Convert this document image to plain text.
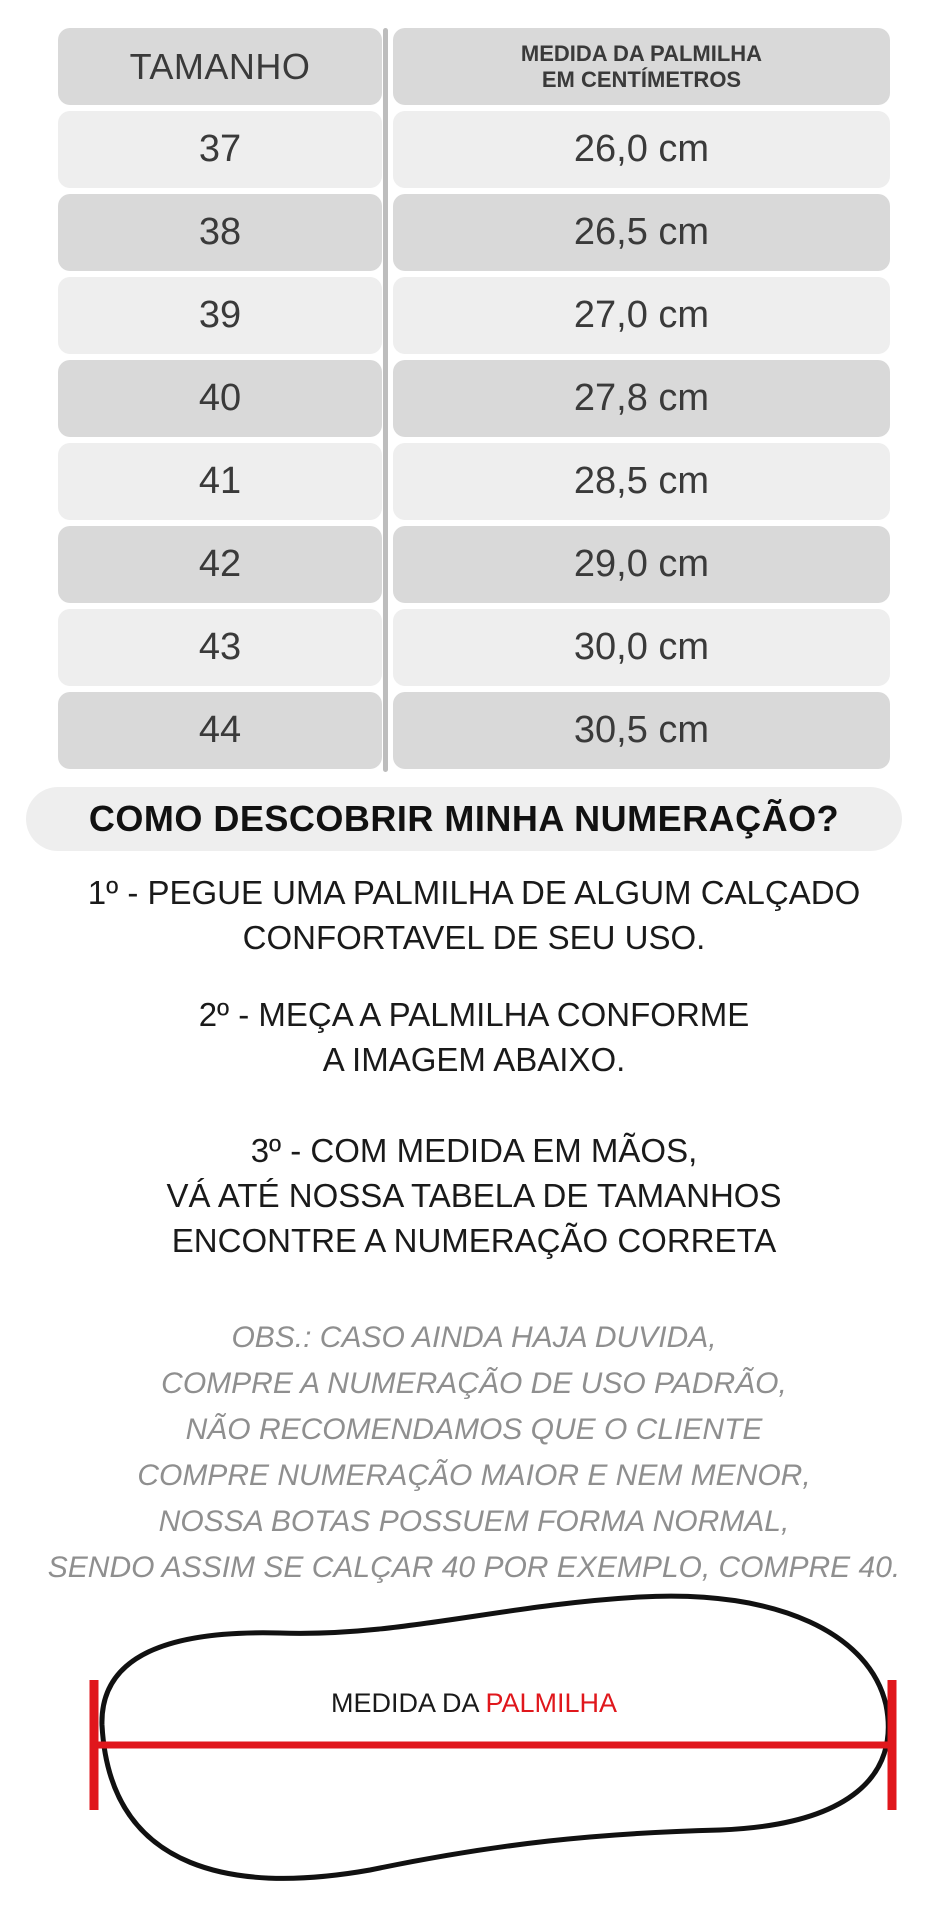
TAMANHO	MEDIDA DA PALMILHA
EM CENTÍMETROS
37	26,0 cm
38	26,5 cm
39	27,0 cm
40	27,8 cm
41	28,5 cm
42	29,0 cm
43	30,0 cm
44	30,5 cm
COMO DESCOBRIR MINHA NUMERAÇÃO?
1º - PEGUE UMA PALMILHA DE ALGUM CALÇADO
CONFORTAVEL DE SEU USO.
2º - MEÇA A PALMILHA CONFORME
A IMAGEM ABAIXO.
3º - COM MEDIDA EM MÃOS,
VÁ ATÉ NOSSA TABELA DE TAMANHOS
ENCONTRE A NUMERAÇÃO CORRETA
OBS.: CASO AINDA HAJA DUVIDA,
COMPRE A NUMERAÇÃO DE USO PADRÃO,
NÃO RECOMENDAMOS QUE O CLIENTE
COMPRE NUMERAÇÃO MAIOR E NEM MENOR,
NOSSA BOTAS POSSUEM FORMA NORMAL,
SENDO ASSIM SE CALÇAR 40 POR EXEMPLO, COMPRE 40.
MEDIDA DA PALMILHA
